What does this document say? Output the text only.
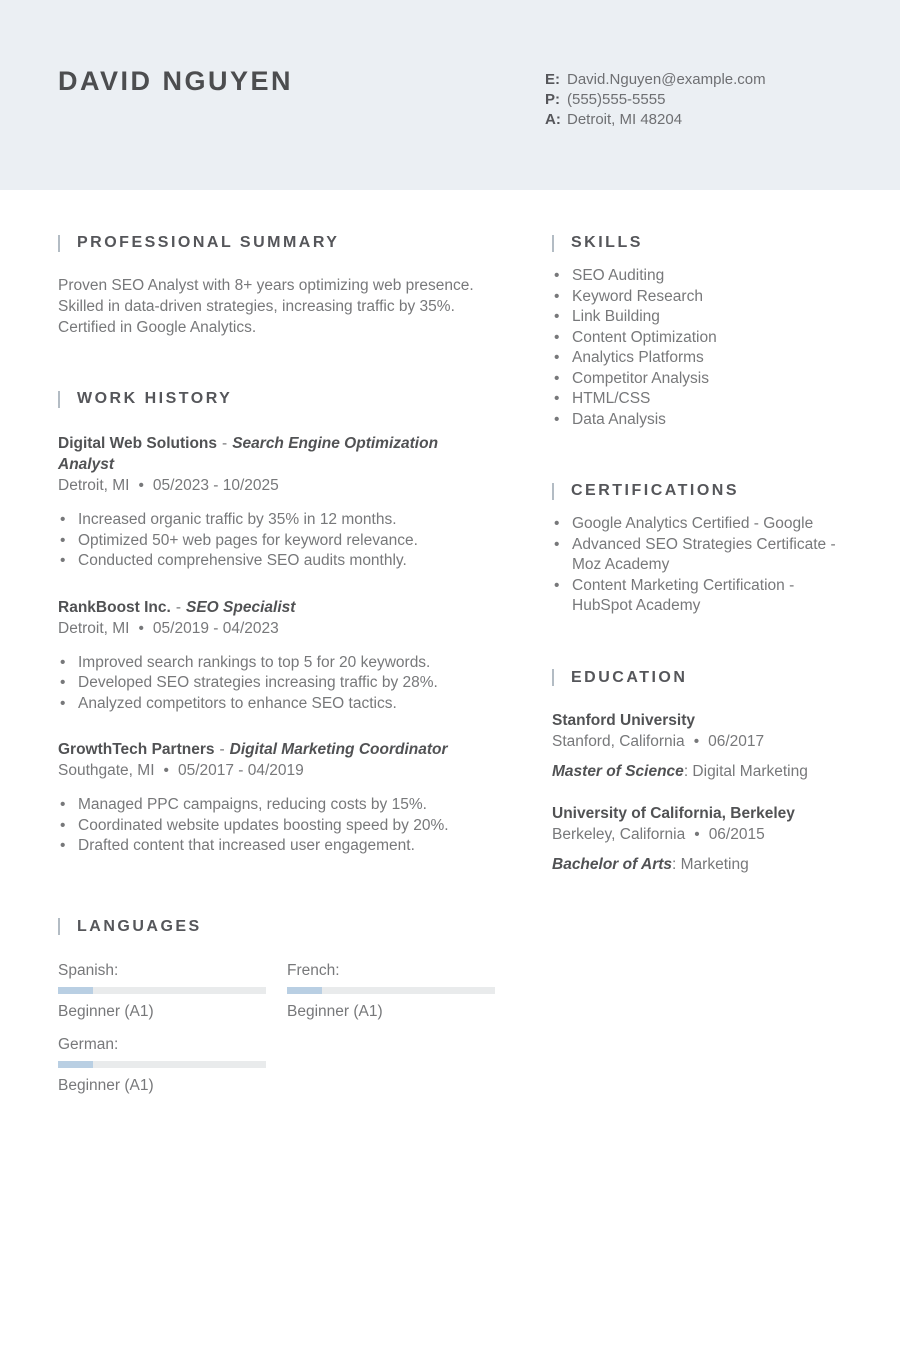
DAVID NGUYEN	E: David.Nguyen@example.com
P: (555)555-5555
A: Detroit, MI 48204
PROFESSIONAL SUMMARY

Proven SEO Analyst with 8+ years optimizing web presence. Skilled in data-driven strategies, increasing traffic by 35%. Certified in Google Analytics.

WORK HISTORY
Digital Web Solutions - Search Engine Optimization Analyst
Detroit, MI • 05/2023 - 10/2025
• Increased organic traffic by 35% in 12 months.
• Optimized 50+ web pages for keyword relevance.
• Conducted comprehensive SEO audits monthly.
RankBoost Inc. - SEO Specialist
Detroit, MI • 05/2019 - 04/2023
• Improved search rankings to top 5 for 20 keywords.
• Developed SEO strategies increasing traffic by 28%.
• Analyzed competitors to enhance SEO tactics.
GrowthTech Partners - Digital Marketing Coordinator
Southgate, MI • 05/2017 - 04/2019
• Managed PPC campaigns, reducing costs by 15%.
• Coordinated website updates boosting speed by 20%.
• Drafted content that increased user engagement.
LANGUAGES
Spanish:
Beginner (A1)
French:
Beginner (A1)
German:
Beginner (A1)
SKILLS
• SEO Auditing
• Keyword Research
• Link Building
• Content Optimization
• Analytics Platforms
• Competitor Analysis
• HTML/CSS
• Data Analysis
CERTIFICATIONS
• Google Analytics Certified - Google
• Advanced SEO Strategies Certificate - Moz Academy
• Content Marketing Certification - HubSpot Academy
EDUCATION
Stanford University
Stanford, California • 06/2017
Master of Science: Digital Marketing
University of California, Berkeley
Berkeley, California • 06/2015
Bachelor of Arts: Marketing
